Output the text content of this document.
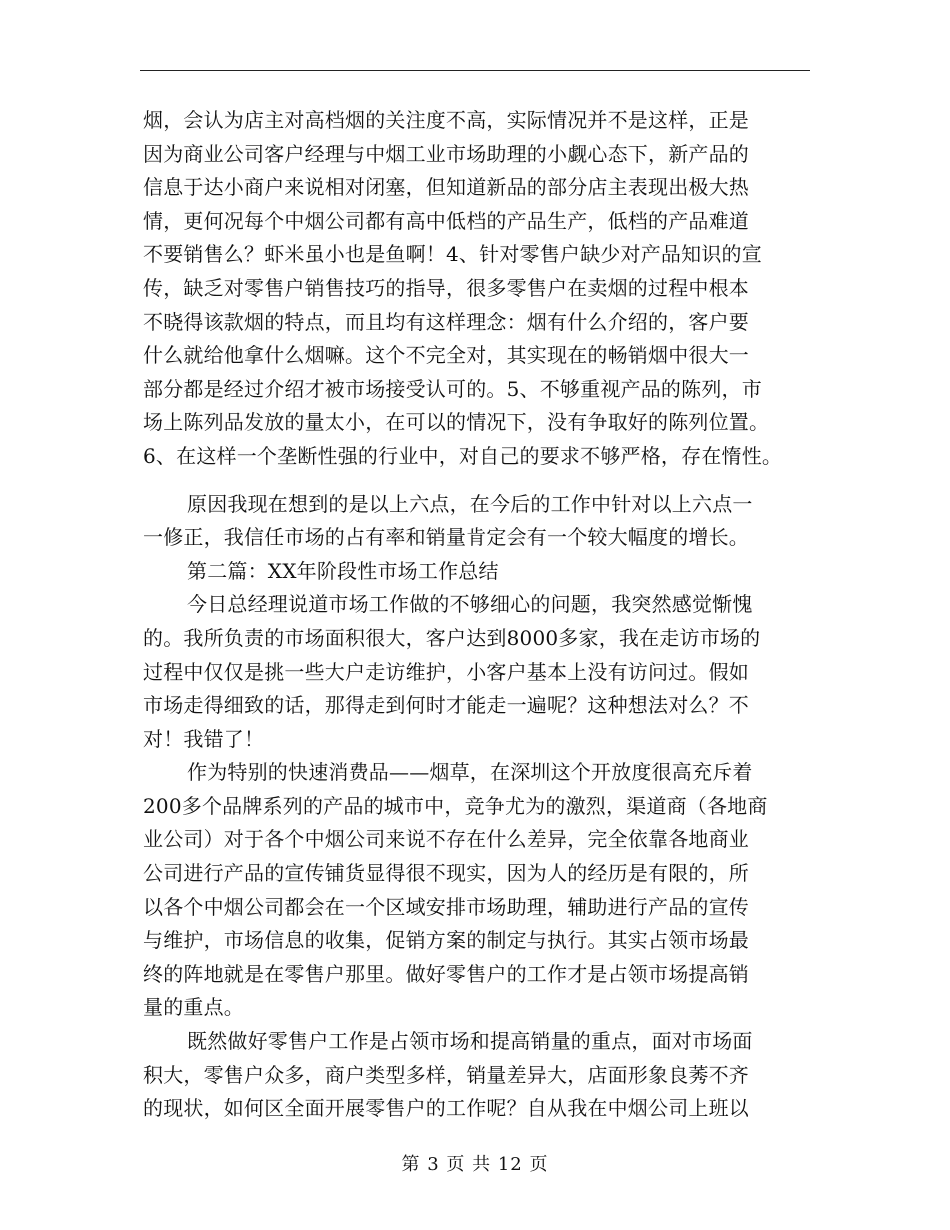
烟，会认为店主对高档烟的关注度不高，实际情况并不是这样，正是
因为商业公司客户经理与中烟工业市场助理的小觑心态下，新产品的
信息于达小商户来说相对闭塞，但知道新品的部分店主表现出极大热
情，更何况每个中烟公司都有高中低档的产品生产，低档的产品难道
不要销售么？虾米虽小也是鱼啊！4、针对零售户缺少对产品知识的宣
传，缺乏对零售户销售技巧的指导，很多零售户在卖烟的过程中根本
不晓得该款烟的特点，而且均有这样理念：烟有什么介绍的，客户要
什么就给他拿什么烟嘛。这个不完全对，其实现在的畅销烟中很大一
部分都是经过介绍才被市场接受认可的。5、不够重视产品的陈列，市
场上陈列品发放的量太小，在可以的情况下，没有争取好的陈列位置。
6、在这样一个垄断性强的行业中，对自己的要求不够严格，存在惰性。

原因我现在想到的是以上六点，在今后的工作中针对以上六点一
一修正，我信任市场的占有率和销量肯定会有一个较大幅度的增长。

第二篇：XX年阶段性市场工作总结

今日总经理说道市场工作做的不够细心的问题，我突然感觉惭愧
的。我所负责的市场面积很大，客户达到8000多家，我在走访市场的
过程中仅仅是挑一些大户走访维护，小客户基本上没有访问过。假如
市场走得细致的话，那得走到何时才能走一遍呢？这种想法对么？不
对！我错了！

作为特别的快速消费品——烟草，在深圳这个开放度很高充斥着
200多个品牌系列的产品的城市中，竞争尤为的激烈，渠道商（各地商
业公司）对于各个中烟公司来说不存在什么差异，完全依靠各地商业
公司进行产品的宣传铺货显得很不现实，因为人的经历是有限的，所
以各个中烟公司都会在一个区域安排市场助理，辅助进行产品的宣传
与维护，市场信息的收集，促销方案的制定与执行。其实占领市场最
终的阵地就是在零售户那里。做好零售户的工作才是占领市场提高销
量的重点。

既然做好零售户工作是占领市场和提高销量的重点，面对市场面
积大，零售户众多，商户类型多样，销量差异大，店面形象良莠不齐
的现状，如何区全面开展零售户的工作呢？自从我在中烟公司上班以

第 3 页 共 12 页
